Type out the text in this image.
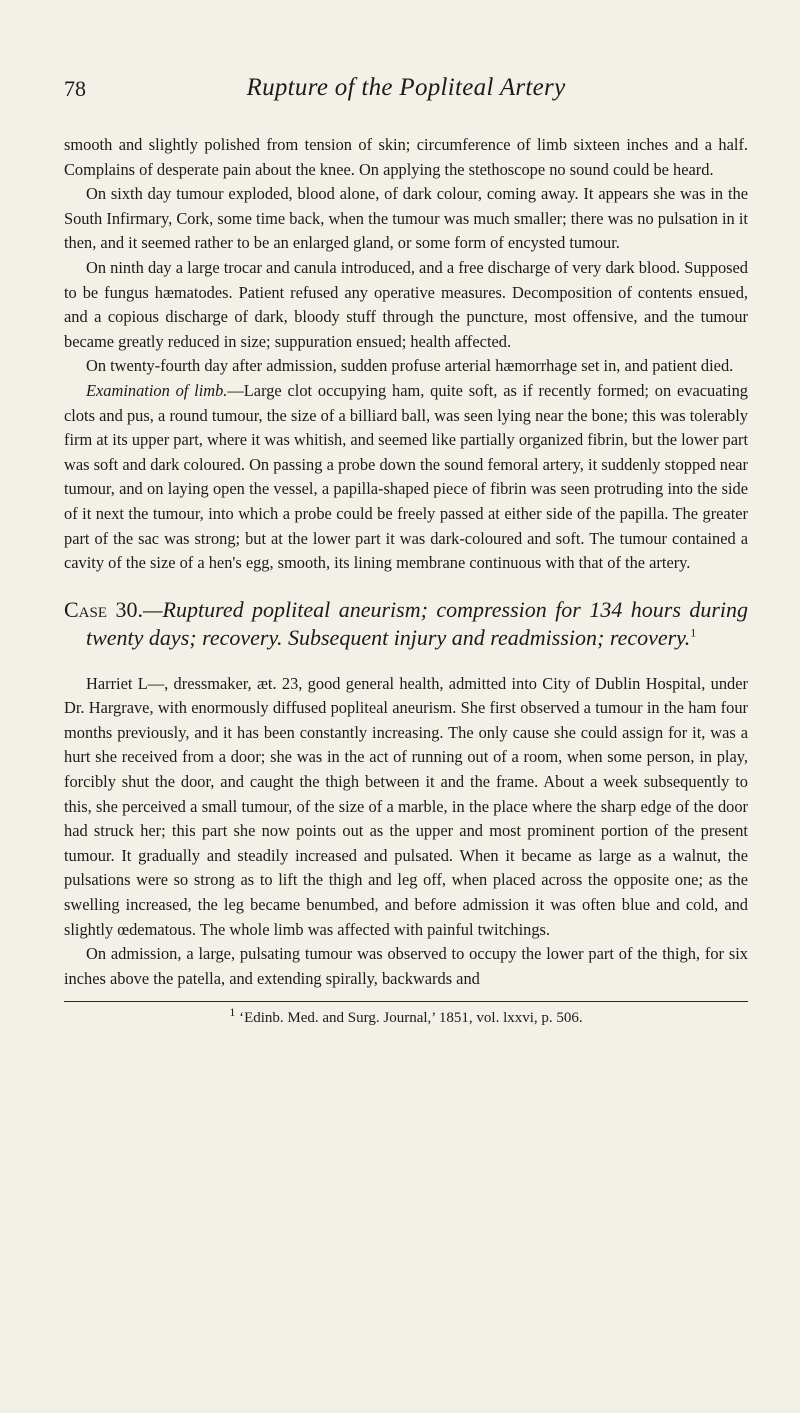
78	Rupture of the Popliteal Artery

smooth and slightly polished from tension of skin; circumference of limb sixteen inches and a half. Complains of desperate pain about the knee. On applying the stethoscope no sound could be heard.

On sixth day tumour exploded, blood alone, of dark colour, coming away. It appears she was in the South Infirmary, Cork, some time back, when the tumour was much smaller; there was no pulsation in it then, and it seemed rather to be an enlarged gland, or some form of encysted tumour.

On ninth day a large trocar and canula introduced, and a free discharge of very dark blood. Supposed to be fungus hæmatodes. Patient refused any operative measures. Decomposition of contents ensued, and a copious discharge of dark, bloody stuff through the puncture, most offensive, and the tumour became greatly reduced in size; suppuration ensued; health affected.

On twenty-fourth day after admission, sudden profuse arterial hæmorrhage set in, and patient died.

Examination of limb.—Large clot occupying ham, quite soft, as if recently formed; on evacuating clots and pus, a round tumour, the size of a billiard ball, was seen lying near the bone; this was tolerably firm at its upper part, where it was whitish, and seemed like partially organized fibrin, but the lower part was soft and dark coloured. On passing a probe down the sound femoral artery, it suddenly stopped near tumour, and on laying open the vessel, a papilla-shaped piece of fibrin was seen protruding into the side of it next the tumour, into which a probe could be freely passed at either side of the papilla. The greater part of the sac was strong; but at the lower part it was dark-coloured and soft. The tumour contained a cavity of the size of a hen's egg, smooth, its lining membrane continuous with that of the artery.

Case 30.—Ruptured popliteal aneurism; compression for 134 hours during twenty days; recovery. Subsequent injury and readmission; recovery.$^1$

Harriet L—, dressmaker, æt. 23, good general health, admitted into City of Dublin Hospital, under Dr. Hargrave, with enormously diffused popliteal aneurism. She first observed a tumour in the ham four months previously, and it has been constantly increasing. The only cause she could assign for it, was a hurt she received from a door; she was in the act of running out of a room, when some person, in play, forcibly shut the door, and caught the thigh between it and the frame. About a week subsequently to this, she perceived a small tumour, of the size of a marble, in the place where the sharp edge of the door had struck her; this part she now points out as the upper and most prominent portion of the present tumour. It gradually and steadily increased and pulsated. When it became as large as a walnut, the pulsations were so strong as to lift the thigh and leg off, when placed across the opposite one; as the swelling increased, the leg became benumbed, and before admission it was often blue and cold, and slightly œdematous. The whole limb was affected with painful twitchings.

On admission, a large, pulsating tumour was observed to occupy the lower part of the thigh, for six inches above the patella, and extending spirally, backwards and

$^1$ ‘Edinb. Med. and Surg. Journal,’ 1851, vol. lxxvi, p. 506.
